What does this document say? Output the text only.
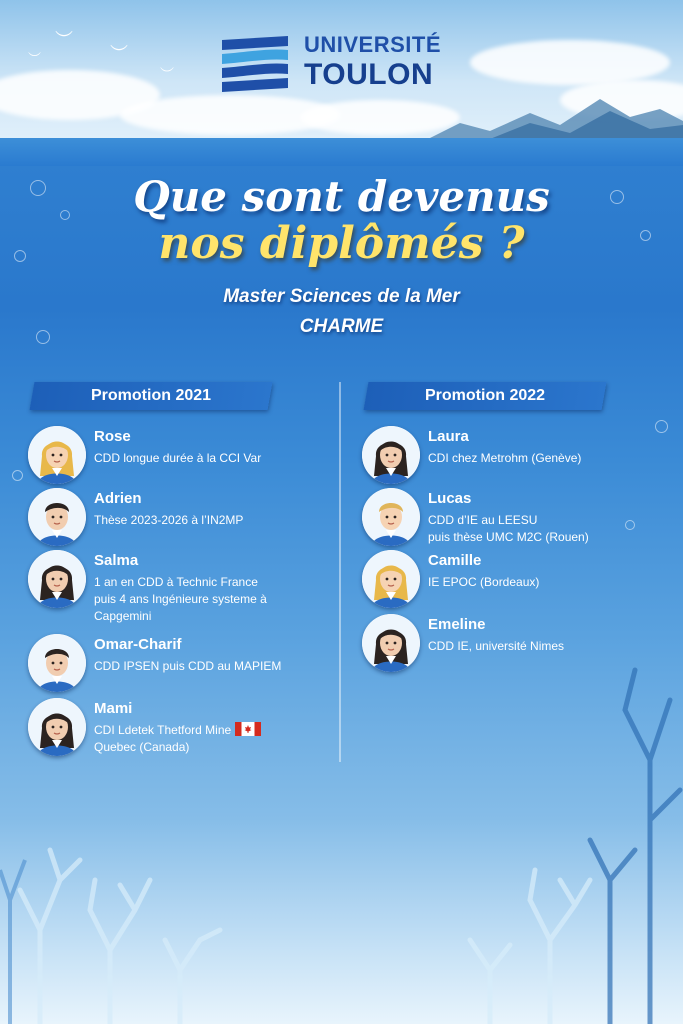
︶
︶
︶
︶
UNIVERSITÉ
TOULON
Que sont devenus
nos diplômés ?
Master Sciences de la Mer
CHARME
Promotion 2021
Rose
CDD longue durée à la CCI Var
Adrien
Thèse 2023-2026 à l’IN2MP
Salma
1 an en CDD à Technic France
puis 4 ans Ingénieure systeme à
Capgemini
Omar-Charif
CDD IPSEN puis CDD au MAPIEM
Mami
CDI Ldetek Thetford Mine
Quebec (Canada)
Promotion 2022
Laura
CDI chez Metrohm (Genève)
Lucas
CDD d’IE au LEESU
puis thèse UMC M2C (Rouen)
Camille
IE EPOC (Bordeaux)
Emeline
CDD IE, université Nimes
